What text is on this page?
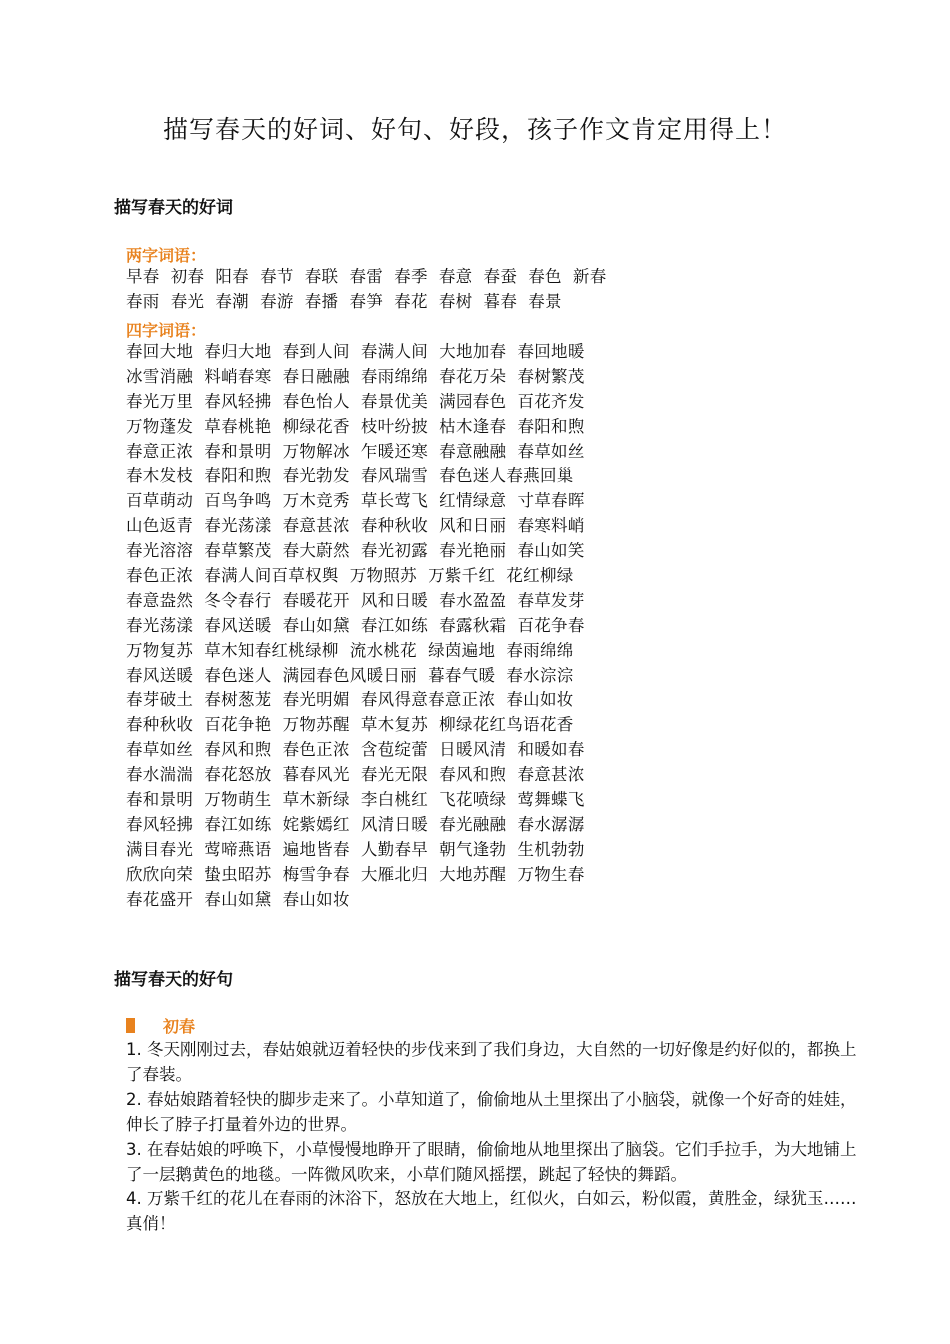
描写春天的好词、好句、好段，孩子作文肯定用得上！
描写春天的好词
两字词语：
早春  初春  阳春  春节  春联  春雷  春季  春意  春蚕  春色  新春
春雨  春光  春潮  春游  春播  春笋  春花  春树  暮春  春景
四字词语：
春回大地  春归大地  春到人间  春满人间  大地加春  春回地暖
冰雪消融  料峭春寒  春日融融  春雨绵绵  春花万朵  春树繁茂
春光万里  春风轻拂  春色怡人  春景优美  满园春色  百花齐发
万物蓬发  草春桃艳  柳绿花香  枝叶纷披  枯木逢春  春阳和煦
春意正浓  春和景明  万物解冰  乍暖还寒  春意融融  春草如丝
春木发枝  春阳和煦  春光勃发  春风瑞雪  春色迷人春燕回巢
百草萌动  百鸟争鸣  万木竞秀  草长莺飞  红情绿意  寸草春晖
山色返青  春光荡漾  春意甚浓  春种秋收  风和日丽  春寒料峭
春光溶溶  春草繁茂  春大蔚然  春光初露  春光艳丽  春山如笑
春色正浓  春满人间百草权舆  万物照苏  万紫千红  花红柳绿
春意盎然  冬令春行  春暖花开  风和日暖  春水盈盈  春草发芽
春光荡漾  春风送暖  春山如黛  春江如练  春露秋霜  百花争春
万物复苏  草木知春红桃绿柳  流水桃花  绿茵遍地  春雨绵绵
春风送暖  春色迷人  满园春色风暖日丽  暮春气暖  春水淙淙
春芽破土  春树葱茏  春光明媚  春风得意春意正浓  春山如妆
春种秋收  百花争艳  万物苏醒  草木复苏  柳绿花红鸟语花香
春草如丝  春风和煦  春色正浓  含苞绽蕾  日暖风清  和暖如春
春水湍湍  春花怒放  暮春风光  春光无限  春风和煦  春意甚浓
春和景明  万物萌生  草木新绿  李白桃红  飞花喷绿  莺舞蝶飞
春风轻拂  春江如练  姹紫嫣红  风清日暖  春光融融  春水潺潺
满目春光  莺啼燕语  遍地皆春  人勤春早  朝气逢勃  生机勃勃
欣欣向荣  蛰虫昭苏  梅雪争春  大雁北归  大地苏醒  万物生春
春花盛开  春山如黛  春山如妆
描写春天的好句
初春
1. 冬天刚刚过去，春姑娘就迈着轻快的步伐来到了我们身边，大自然的一切好像是约好似的，都换上了春装。
2. 春姑娘踏着轻快的脚步走来了。小草知道了，偷偷地从土里探出了小脑袋，就像一个好奇的娃娃，伸长了脖子打量着外边的世界。
3. 在春姑娘的呼唤下，小草慢慢地睁开了眼睛，偷偷地从地里探出了脑袋。它们手拉手，为大地铺上了一层鹅黄色的地毯。一阵微风吹来，小草们随风摇摆，跳起了轻快的舞蹈。
4. 万紫千红的花儿在春雨的沐浴下，怒放在大地上，红似火，白如云，粉似霞，黄胜金，绿犹玉……真俏！
